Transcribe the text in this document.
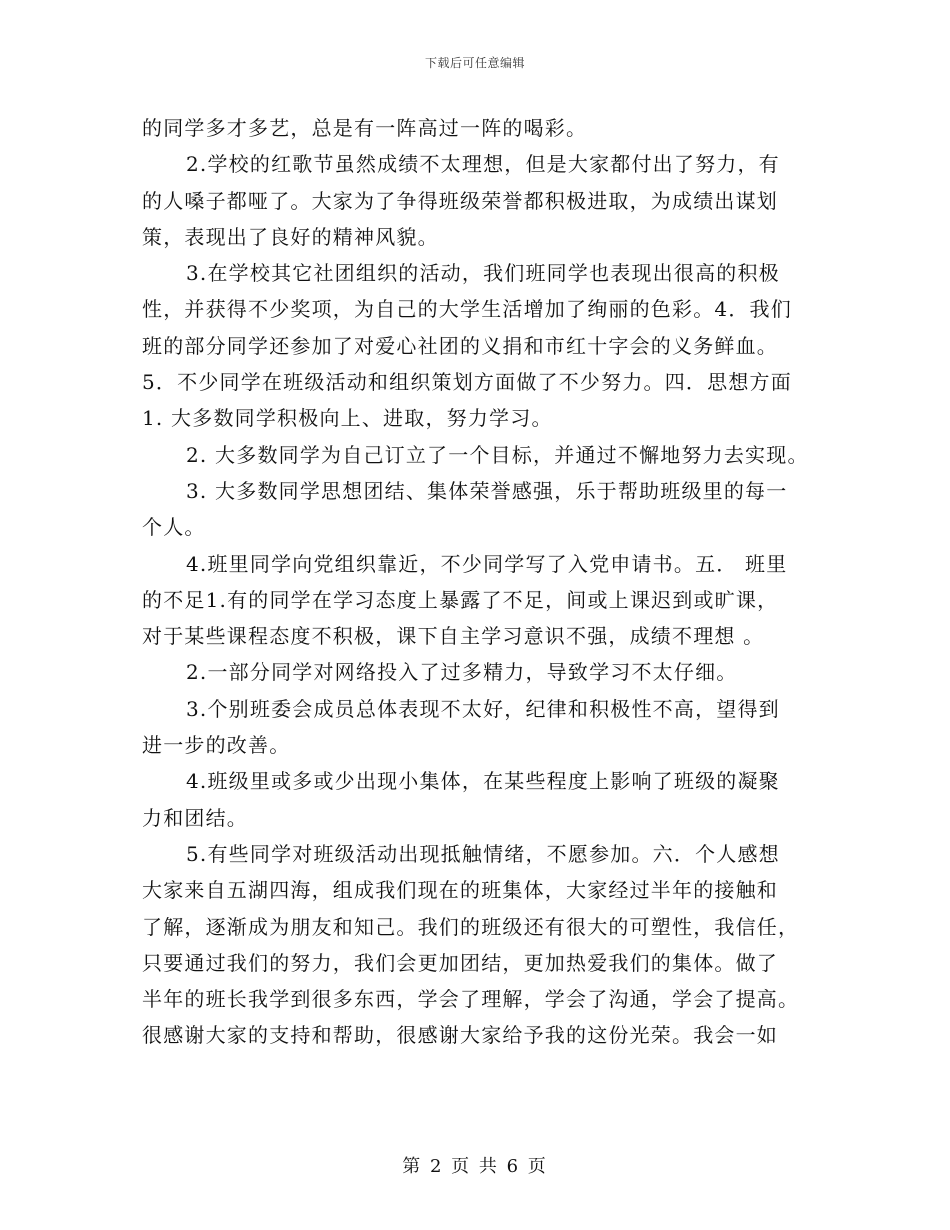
下载后可任意编辑
的同学多才多艺，总是有一阵高过一阵的喝彩。
2.学校的红歌节虽然成绩不太理想，但是大家都付出了努力，有
的人嗓子都哑了。大家为了争得班级荣誉都积极进取，为成绩出谋划
策，表现出了良好的精神风貌。
3.在学校其它社团组织的活动，我们班同学也表现出很高的积极
性，并获得不少奖项，为自己的大学生活增加了绚丽的色彩。4．我们
班的部分同学还参加了对爱心社团的义捐和市红十字会的义务鲜血。
5．不少同学在班级活动和组织策划方面做了不少努力。四．思想方面
1. 大多数同学积极向上、进取，努力学习。
2. 大多数同学为自己订立了一个目标，并通过不懈地努力去实现。
3. 大多数同学思想团结、集体荣誉感强，乐于帮助班级里的每一
个人。
4.班里同学向党组织靠近，不少同学写了入党申请书。五． 班里
的不足1.有的同学在学习态度上暴露了不足，间或上课迟到或旷课，
对于某些课程态度不积极，课下自主学习意识不强，成绩不理想 。
2.一部分同学对网络投入了过多精力，导致学习不太仔细。
3.个别班委会成员总体表现不太好，纪律和积极性不高，望得到
进一步的改善。
4.班级里或多或少出现小集体，在某些程度上影响了班级的凝聚
力和团结。
5.有些同学对班级活动出现抵触情绪，不愿参加。六．个人感想
大家来自五湖四海，组成我们现在的班集体，大家经过半年的接触和
了解，逐渐成为朋友和知己。我们的班级还有很大的可塑性，我信任，
只要通过我们的努力，我们会更加团结，更加热爱我们的集体。做了
半年的班长我学到很多东西，学会了理解，学会了沟通，学会了提高。
很感谢大家的支持和帮助，很感谢大家给予我的这份光荣。我会一如
第 2 页 共 6 页
